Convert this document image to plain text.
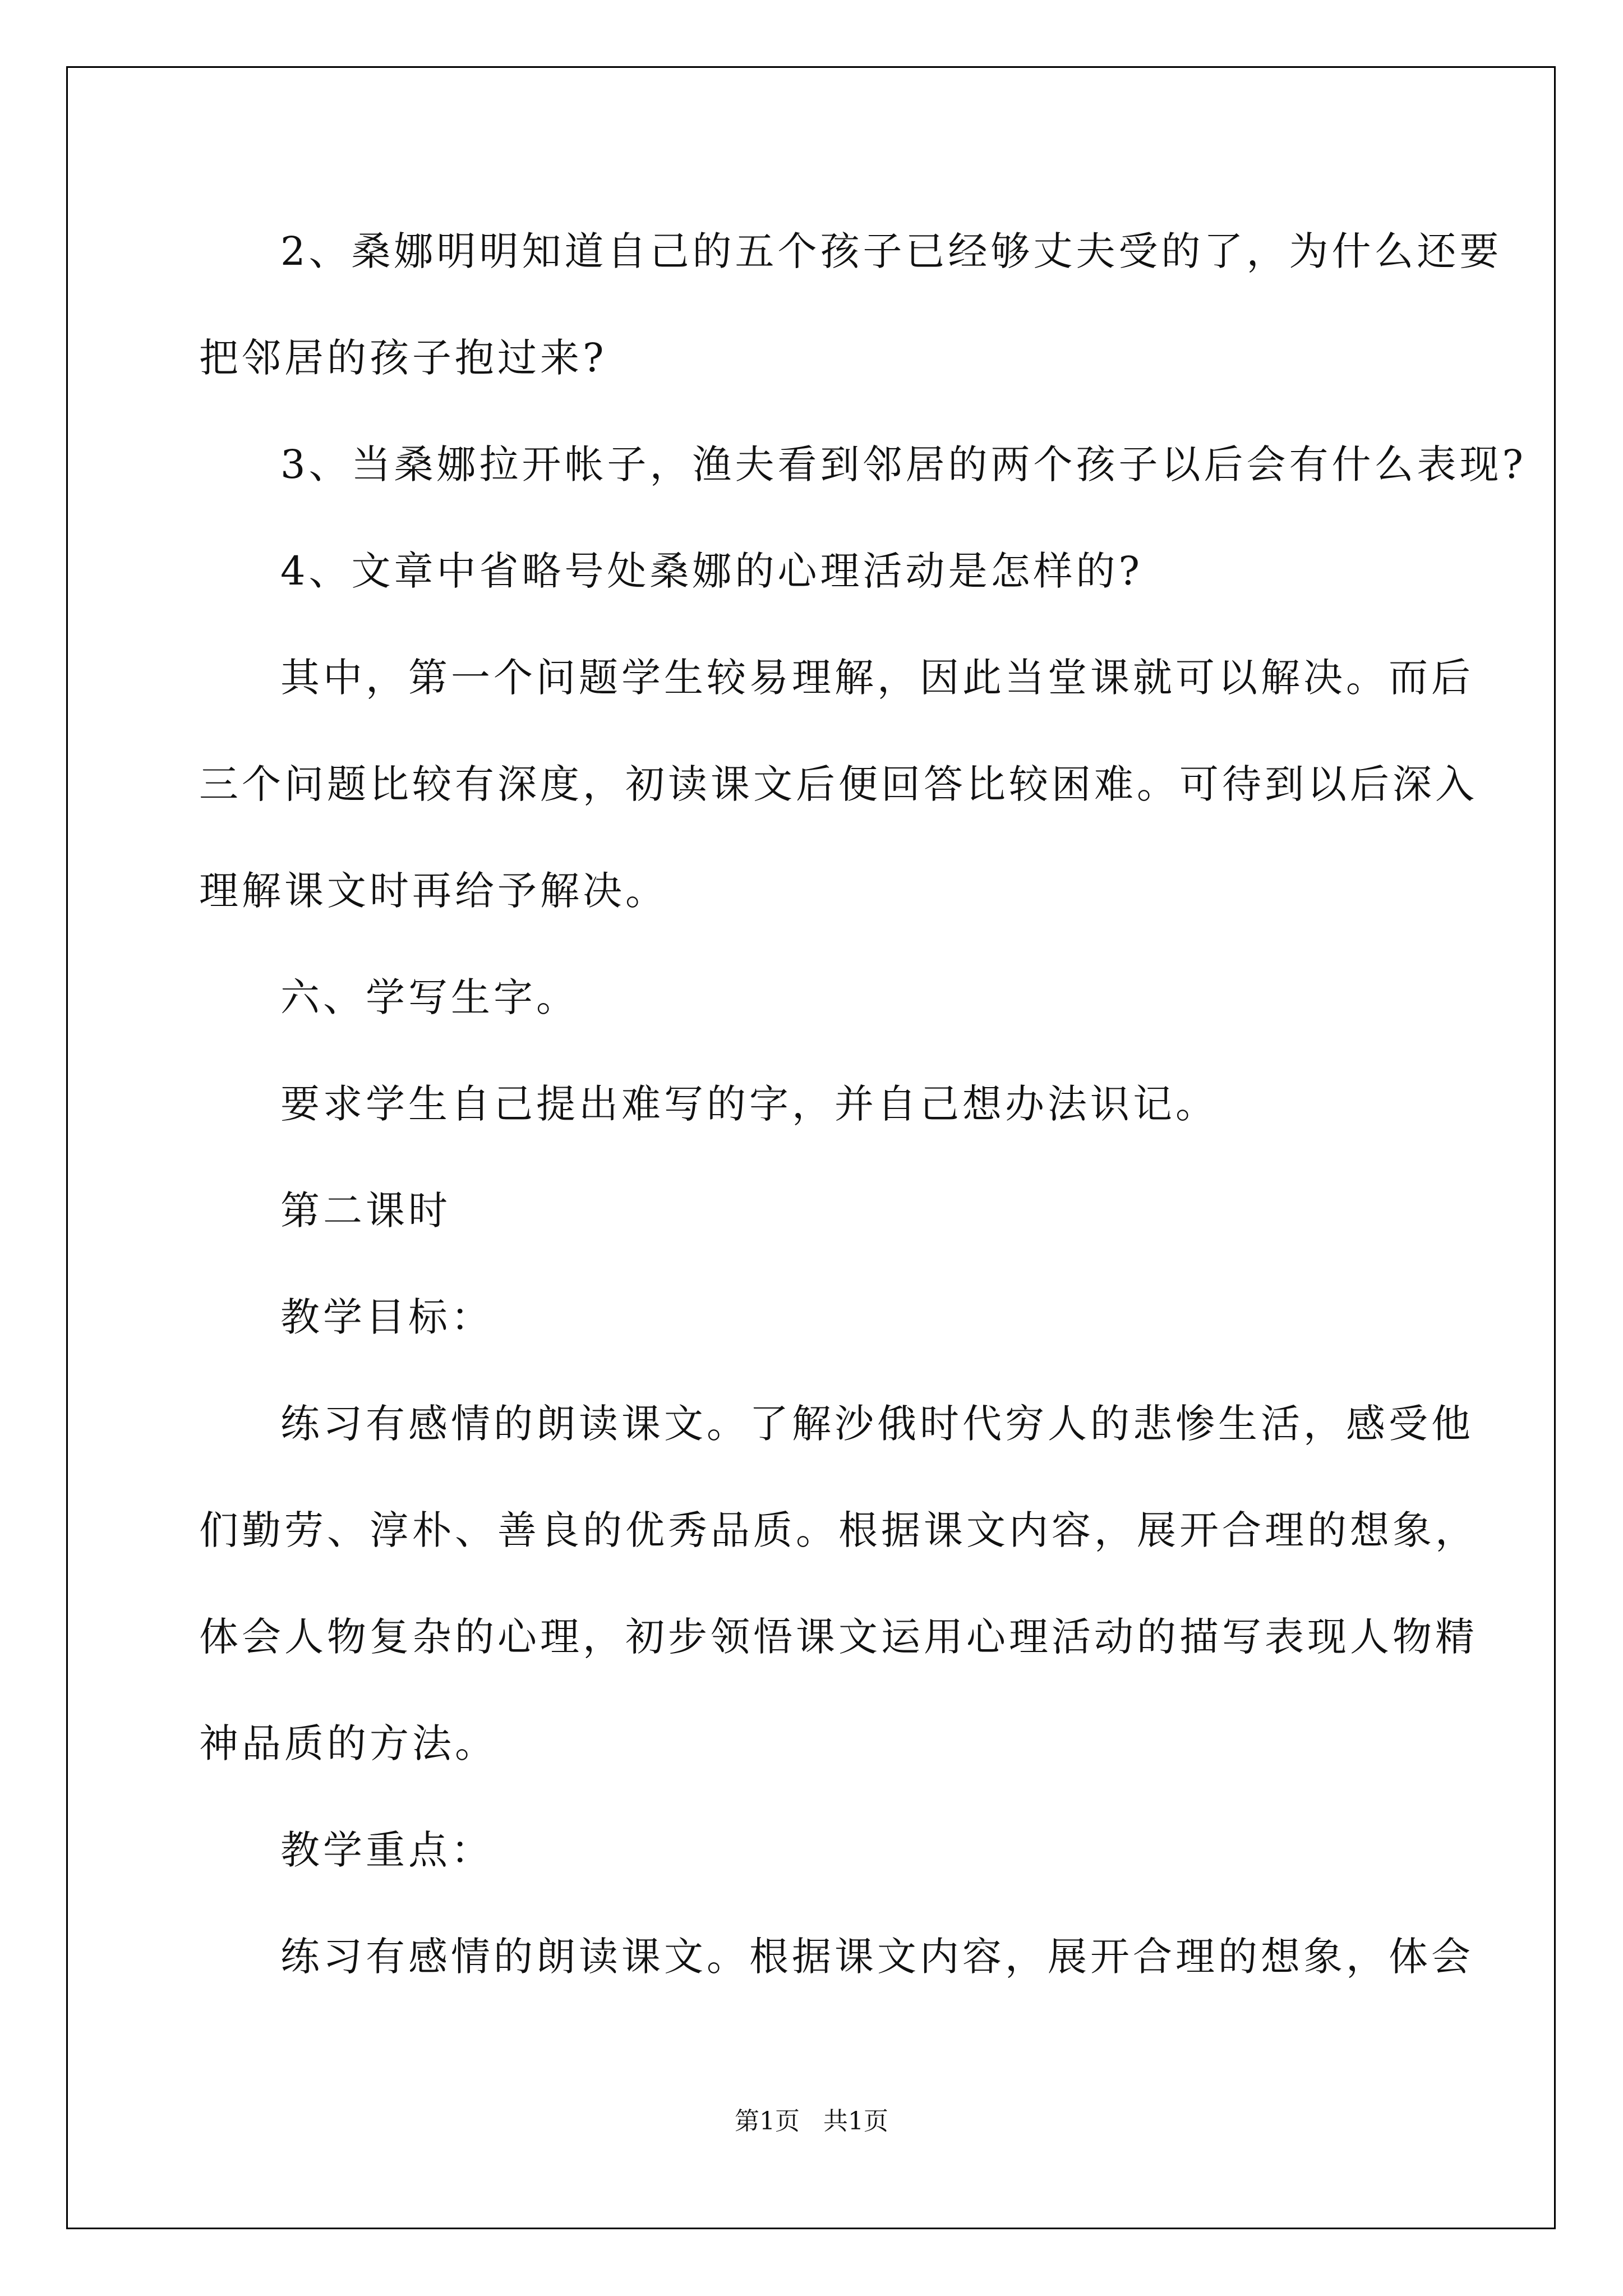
2、桑娜明明知道自己的五个孩子已经够丈夫受的了，为什么还要
把邻居的孩子抱过来?
3、当桑娜拉开帐子，渔夫看到邻居的两个孩子以后会有什么表现?
4、文章中省略号处桑娜的心理活动是怎样的?
其中，第一个问题学生较易理解，因此当堂课就可以解决。而后
三个问题比较有深度，初读课文后便回答比较困难。可待到以后深入
理解课文时再给予解决。
六、学写生字。
要求学生自己提出难写的字，并自己想办法识记。
第二课时
教学目标：
练习有感情的朗读课文。了解沙俄时代穷人的悲惨生活，感受他
们勤劳、淳朴、善良的优秀品质。根据课文内容，展开合理的想象，
体会人物复杂的心理，初步领悟课文运用心理活动的描写表现人物精
神品质的方法。
教学重点：
练习有感情的朗读课文。根据课文内容，展开合理的想象，体会
第1页 共1页
